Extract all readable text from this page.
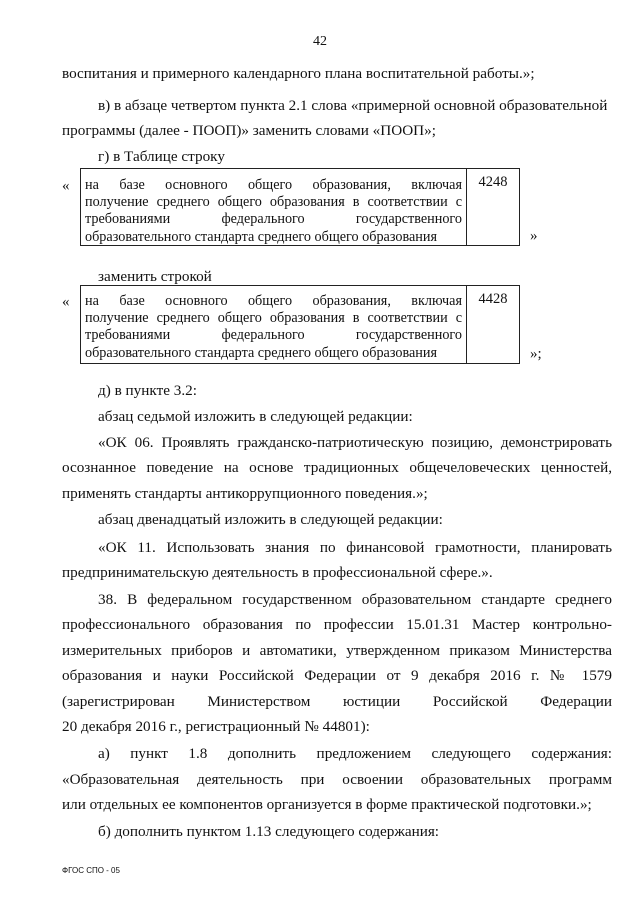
42
воспитания и примерного календарного плана воспитательной работы.»;
в) в абзаце четвертом пункта 2.1 слова «примерной основной образовательной
программы (далее - ПООП)» заменить словами «ПООП»;
г) в Таблице строку
« на базе основного общего образования, включая
получение среднего общего образования в соответствии с
требованиями федерального государственного
образовательного стандарта среднего общего образования
4248
»
заменить строкой
« на базе основного общего образования, включая
получение среднего общего образования в соответствии с
требованиями федерального государственного
образовательного стандарта среднего общего образования
4428
»;
д) в пункте 3.2:
абзац седьмой изложить в следующей редакции:
«ОК 06. Проявлять гражданско-патриотическую позицию, демонстрировать
осознанное поведение на основе традиционных общечеловеческих ценностей,
применять стандарты антикоррупционного поведения.»;
абзац двенадцатый изложить в следующей редакции:
«ОК 11. Использовать знания по финансовой грамотности, планировать
предпринимательскую деятельность в профессиональной сфере.».
38. В федеральном государственном образовательном стандарте среднего
профессионального образования по профессии 15.01.31 Мастер контрольно-
измерительных приборов и автоматики, утвержденном приказом Министерства
образования и науки Российской Федерации от 9 декабря 2016 г. № 1579
(зарегистрирован Министерством юстиции Российской Федерации
20 декабря 2016 г., регистрационный № 44801):
а) пункт 1.8 дополнить предложением следующего содержания:
«Образовательная деятельность при освоении образовательных программ
или отдельных ее компонентов организуется в форме практической подготовки.»;
б) дополнить пунктом 1.13 следующего содержания:
ФГОС СПО - 05
